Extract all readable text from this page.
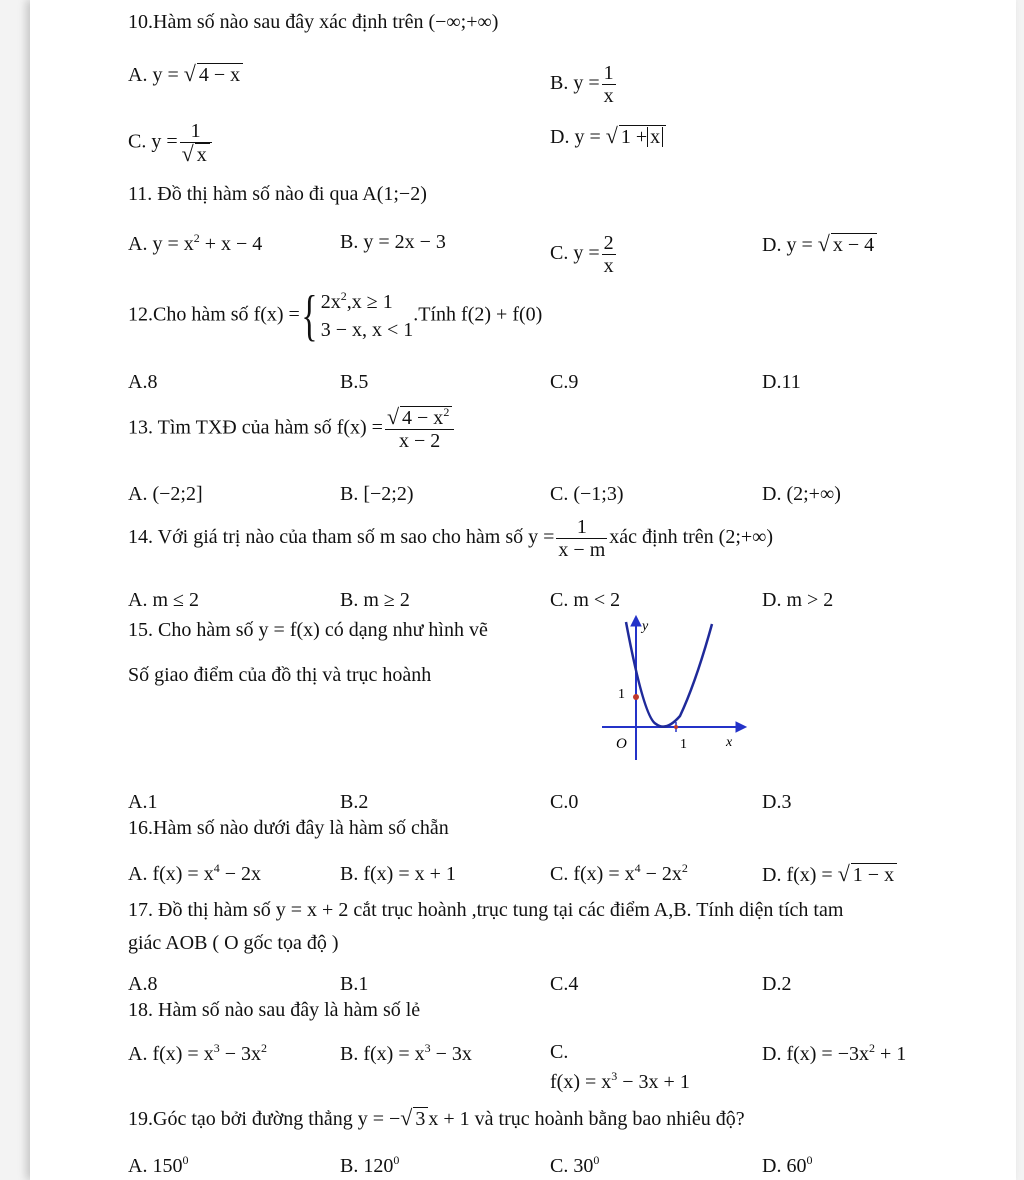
10.Hàm số nào sau đây xác định trên (−∞;+∞)
A. y = √ 4 − x	B. $y = \frac{1}{x}$
C. $y = \frac{1}{√ x}$	D. y = √ 1 + x
11. Đồ thị hàm số nào đi qua A(1;−2)
A. $y = x^2 + x - 4$	B. y = 2x − 3
C. $y = \frac{2}{x}$	D. y = √ x − 4
12.Cho hàm số f(x) ={ $2x^2,x \ge 1$
3 − x, x < 1
.Tính f(2) + f(0)
A.8	B.5	C.9	D.11
13. Tìm TXĐ của hàm số $f(x) = \frac{√ 4 - x^2}{x - 2}$
A. (−2;2]	B. [−2;2)	C. (−1;3)	D. (2;+∞)
14. Với giá trị nào của tham số m sao cho hàm số $y = \frac{1}{x - m}$ xác định trên (2;+∞)
A. m ≤ 2	B. m ≥ 2	C. m < 2	D. m > 2
15. Cho hàm số y = f(x) có dạng như hình vẽ
Số giao điểm của đồ thị và trục hoành
y
x
1
O	1
A.1	B.2	C.0	D.3
16.Hàm số nào dưới đây là hàm số chẵn
A. $f(x) = x^4 - 2x$	B. f(x) = x + 1	C. $f(x) = x^4 - 2x^2$	D. f(x) = √ 1 − x
17. Đồ thị hàm số y = x + 2 cắt trục hoành ,trục tung tại các điểm A,B. Tính diện tích tam
giác AOB ( O gốc tọa độ )
A.8	B.1	C.4	D.2
18. Hàm số nào sau đây là hàm số lẻ
A. $f(x) = x^3 - 3x^2$	B. $f(x) = x^3 - 3x$	C.
$f(x) = x^3 - 3x + 1$
D. $f(x) = -3x^2 + 1$
19.Góc tạo bởi đường thẳng y = −√ 3 x + 1 và trục hoành bằng bao nhiêu độ?
A. $150^0$	B. $120^0$	C. $30^0$	D. $60^0$
